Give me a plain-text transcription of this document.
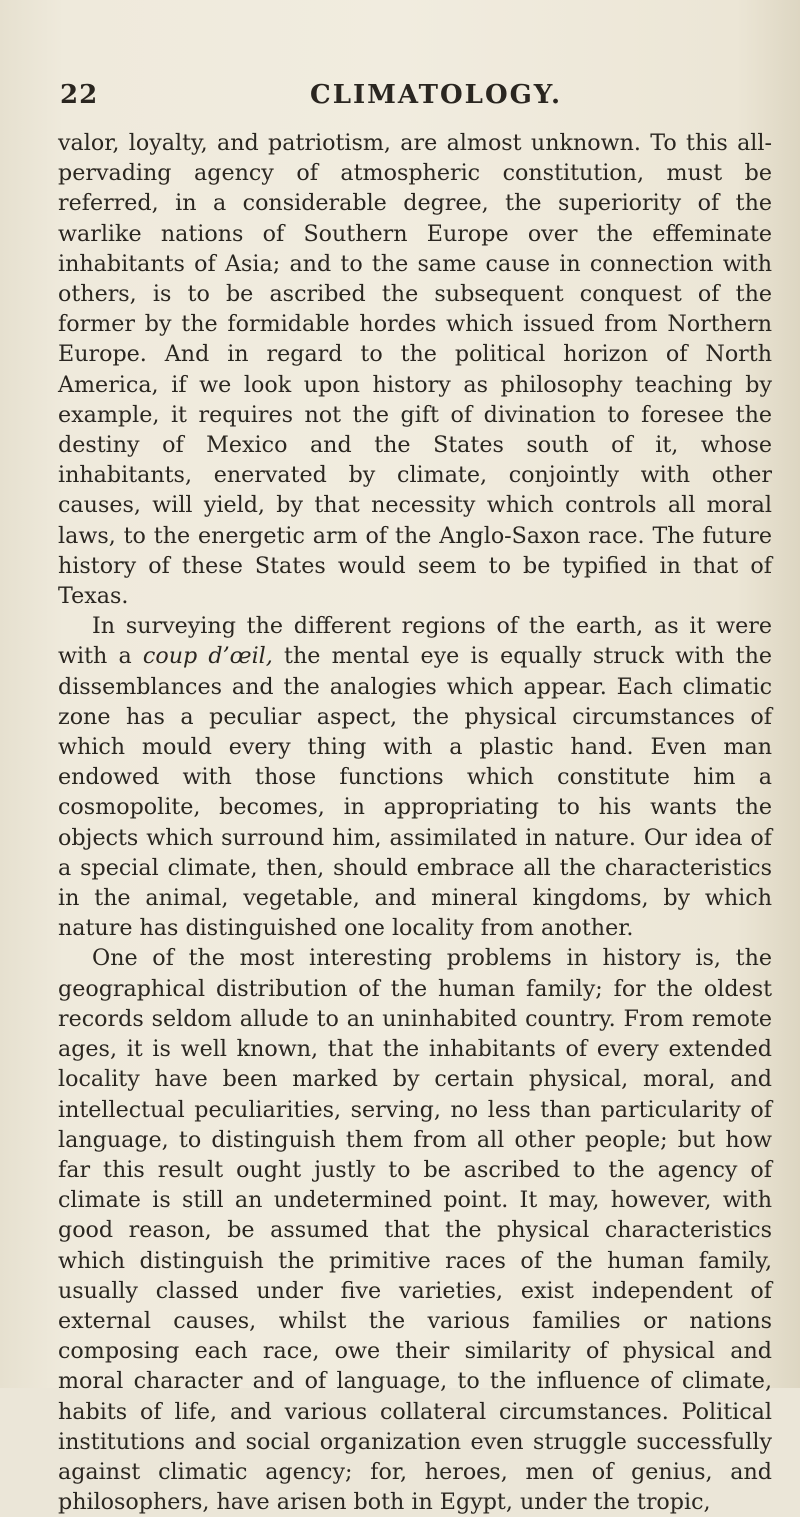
22	CLIMATOLOGY.

valor, loyalty, and patriotism, are almost unknown. To this all-pervading agency of atmospheric constitution, must be referred, in a considerable degree, the superiority of the warlike nations of Southern Europe over the effeminate inhabitants of Asia; and to the same cause in connection with others, is to be ascribed the subsequent conquest of the former by the formidable hordes which issued from Northern Europe. And in regard to the political horizon of North America, if we look upon history as philosophy teaching by example, it requires not the gift of divination to foresee the destiny of Mexico and the States south of it, whose inhabitants, enervated by climate, conjointly with other causes, will yield, by that necessity which controls all moral laws, to the energetic arm of the Anglo-Saxon race. The future history of these States would seem to be typified in that of Texas.

In surveying the different regions of the earth, as it were with a coup d’œil, the mental eye is equally struck with the dissemblances and the analogies which appear. Each climatic zone has a peculiar aspect, the physical circumstances of which mould every thing with a plastic hand. Even man endowed with those functions which constitute him a cosmopolite, becomes, in appropriating to his wants the objects which surround him, assimilated in nature. Our idea of a special climate, then, should embrace all the characteristics in the animal, vegetable, and mineral kingdoms, by which nature has distinguished one locality from another.

One of the most interesting problems in history is, the geographical distribution of the human family; for the oldest records seldom allude to an uninhabited country. From remote ages, it is well known, that the inhabitants of every extended locality have been marked by certain physical, moral, and intellectual peculiarities, serving, no less than particularity of language, to distinguish them from all other people; but how far this result ought justly to be ascribed to the agency of climate is still an undetermined point. It may, however, with good reason, be assumed that the physical characteristics which distinguish the primitive races of the human family, usually classed under five varieties, exist independent of external causes, whilst the various families or nations composing each race, owe their similarity of physical and moral character and of language, to the influence of climate, habits of life, and various collateral circumstances. Political institutions and social organization even struggle successfully against climatic agency; for, heroes, men of genius, and philosophers, have arisen both in Egypt, under the tropic,
